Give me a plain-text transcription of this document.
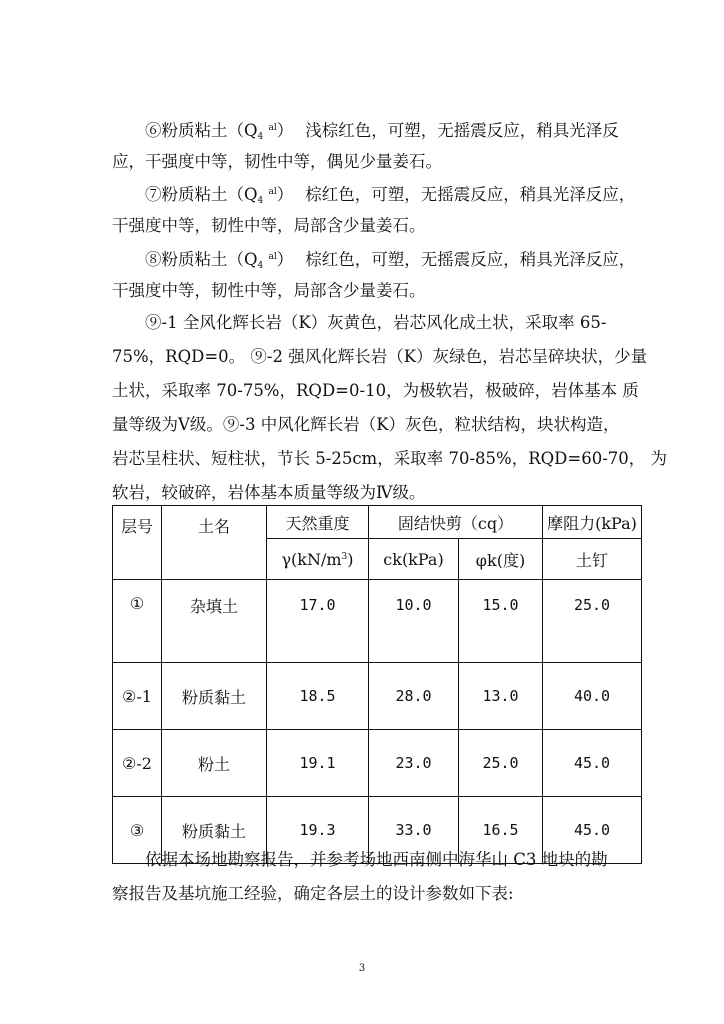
⑥粉质粘土（$Q_4$ $^{al}$） 浅棕红色，可塑，无摇震反应，稍具光泽反
应，干强度中等，韧性中等，偶见少量姜石。
⑦粉质粘土（$Q_4$ $^{al}$） 棕红色，可塑，无摇震反应，稍具光泽反应，
干强度中等，韧性中等，局部含少量姜石。
⑧粉质粘土（$Q_4$ $^{al}$） 棕红色，可塑，无摇震反应，稍具光泽反应，
干强度中等，韧性中等，局部含少量姜石。
⑨-1 全风化辉长岩（K）灰黄色，岩芯风化成土状，采取率 65-
75%，RQD=0。 ⑨-2 强风化辉长岩（K）灰绿色，岩芯呈碎块状，少量
土状，采取率 70-75%，RQD=0-10，为极软岩，极破碎，岩体基本 质
量等级为Ⅴ级。⑨-3 中风化辉长岩（K）灰色，粒状结构，块状构造，
岩芯呈柱状、短柱状，节长 5-25cm，采取率 70-85%，RQD=60-70， 为
软岩，较破碎，岩体基本质量等级为Ⅳ级。
层号	土名	天然重度	固结快剪（cq）		摩阻力(kPa)
		$\gamma(kN/m^3)$	ck(kPa)	φk(度)	土钉
①	杂填土	17.0	10.0	15.0	25.0
②-1	粉质黏土	18.5	28.0	13.0	40.0
②-2	粉土	19.1	23.0	25.0	45.0
③	粉质黏土	19.3	33.0	16.5	45.0
依据本场地勘察报告，并参考场地西南侧中海华山 C3 地块的勘
察报告及基坑施工经验，确定各层土的设计参数如下表:
3
